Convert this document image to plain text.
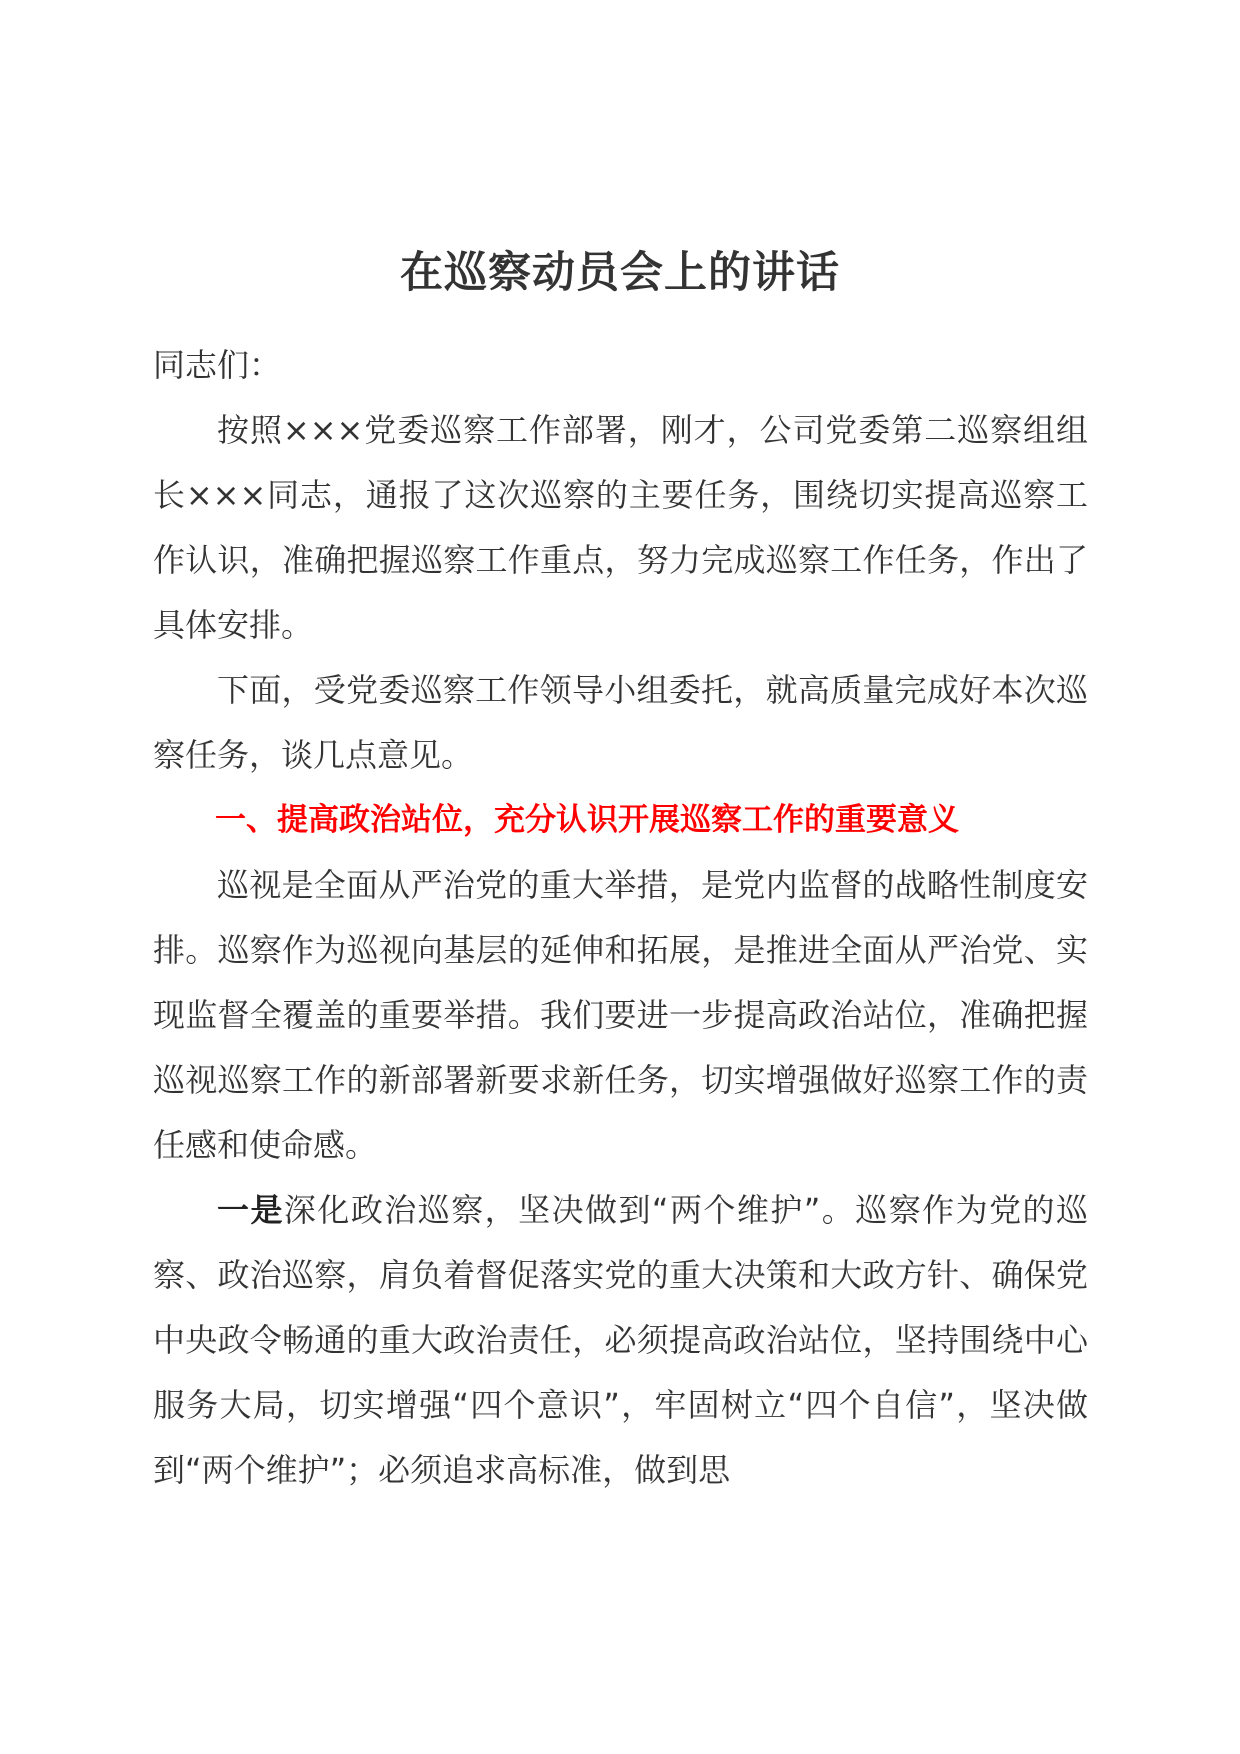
在巡察动员会上的讲话

同志们：

按照×××党委巡察工作部署，刚才，公司党委第二巡察组组长×××同志，通报了这次巡察的主要任务，围绕切实提高巡察工作认识，准确把握巡察工作重点，努力完成巡察工作任务，作出了具体安排。

下面，受党委巡察工作领导小组委托，就高质量完成好本次巡察任务，谈几点意见。

一、提高政治站位，充分认识开展巡察工作的重要意义

巡视是全面从严治党的重大举措，是党内监督的战略性制度安排。巡察作为巡视向基层的延伸和拓展，是推进全面从严治党、实现监督全覆盖的重要举措。我们要进一步提高政治站位，准确把握巡视巡察工作的新部署新要求新任务，切实增强做好巡察工作的责任感和使命感。

一是深化政治巡察，坚决做到“两个维护”。巡察作为党的巡察、政治巡察，肩负着督促落实党的重大决策和大政方针、确保党中央政令畅通的重大政治责任，必须提高政治站位，坚持围绕中心服务大局，切实增强“四个意识”，牢固树立“四个自信”，坚决做到“两个维护”；必须追求高标准，做到思
